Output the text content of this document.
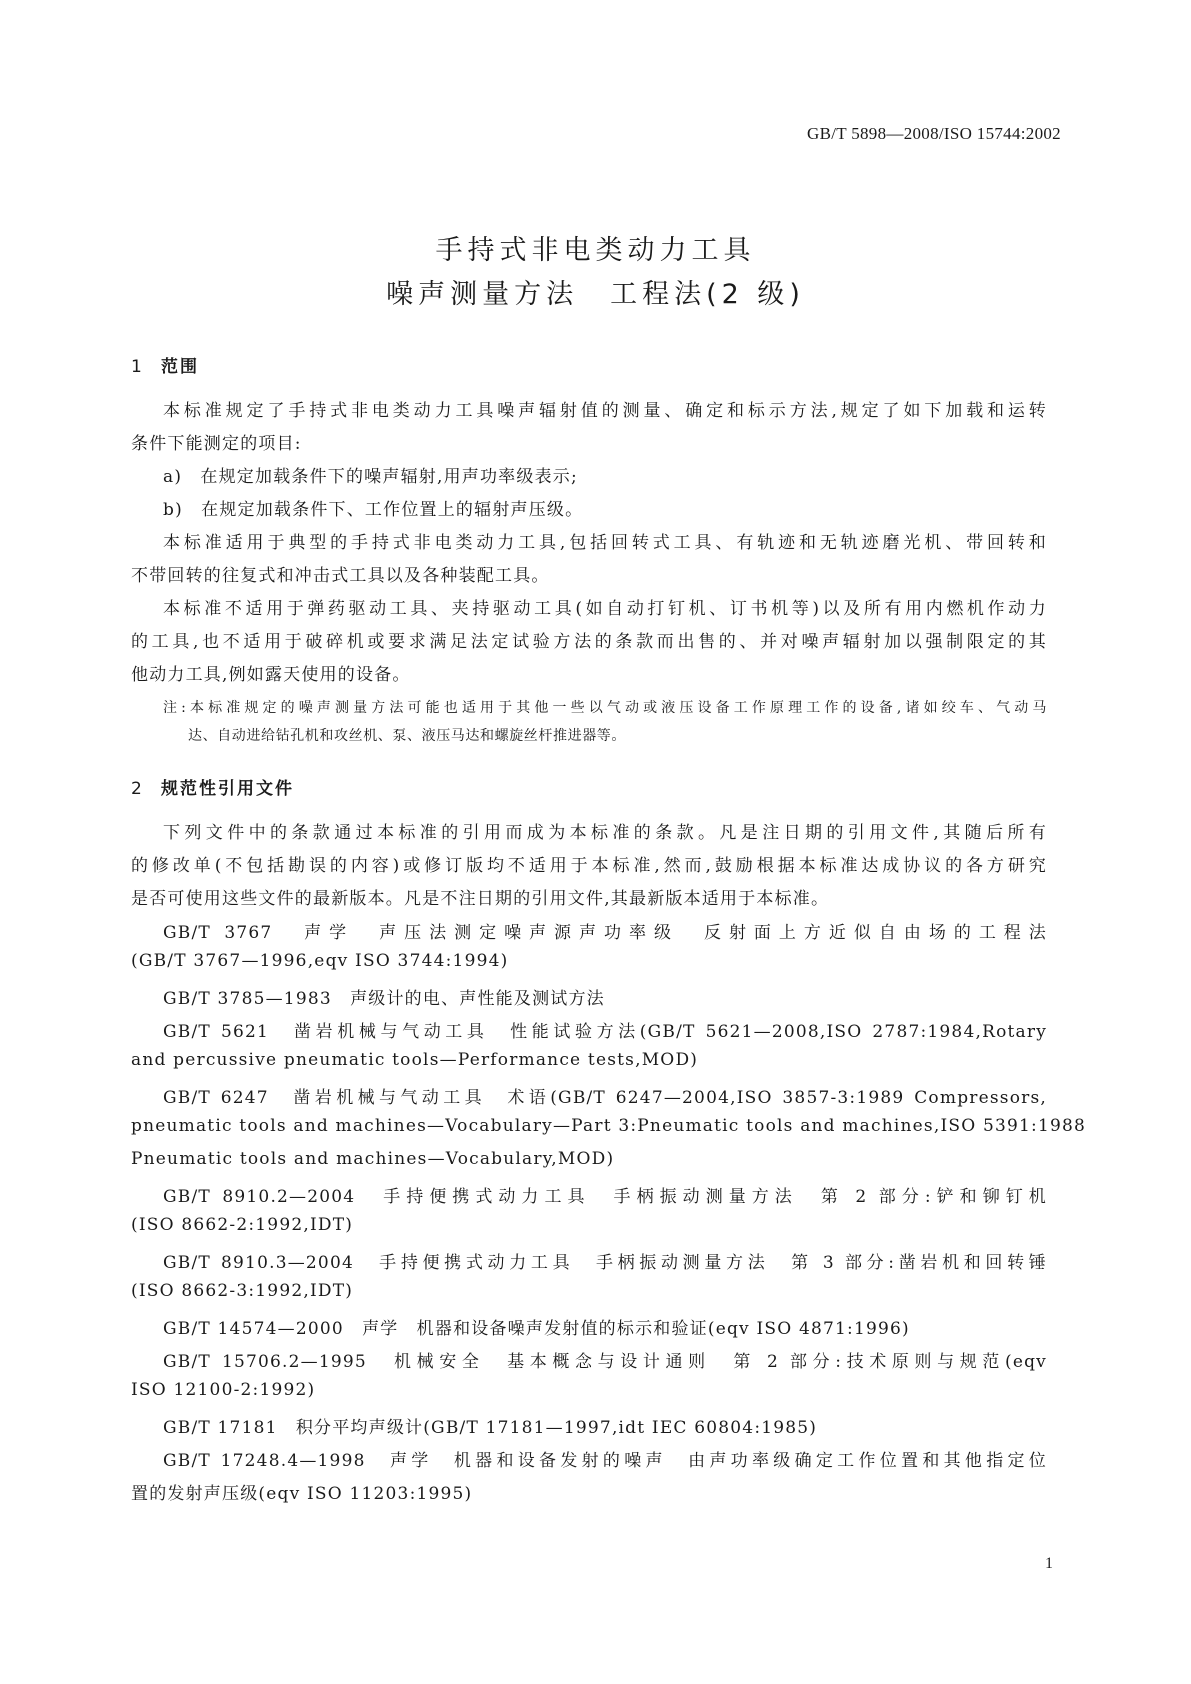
GB/T 5898—2008/ISO 15744:2002
手持式非电类动力工具
噪声测量方法　工程法(2 级)
1 范围
本标准规定了手持式非电类动力工具噪声辐射值的测量、确定和标示方法,规定了如下加载和运转
条件下能测定的项目:
a)　在规定加载条件下的噪声辐射,用声功率级表示;
b)　在规定加载条件下、工作位置上的辐射声压级。
本标准适用于典型的手持式非电类动力工具,包括回转式工具、有轨迹和无轨迹磨光机、带回转和
不带回转的往复式和冲击式工具以及各种装配工具。
本标准不适用于弹药驱动工具、夹持驱动工具(如自动打钉机、订书机等)以及所有用内燃机作动力
的工具,也不适用于破碎机或要求满足法定试验方法的条款而出售的、并对噪声辐射加以强制限定的其
他动力工具,例如露天使用的设备。
注:本标准规定的噪声测量方法可能也适用于其他一些以气动或液压设备工作原理工作的设备,诸如绞车、气动马
达、自动进给钻孔机和攻丝机、泵、液压马达和螺旋丝杆推进器等。
2 规范性引用文件
下列文件中的条款通过本标准的引用而成为本标准的条款。凡是注日期的引用文件,其随后所有
的修改单(不包括勘误的内容)或修订版均不适用于本标准,然而,鼓励根据本标准达成协议的各方研究
是否可使用这些文件的最新版本。凡是不注日期的引用文件,其最新版本适用于本标准。
GB/T 3767　声学　声压法测定噪声源声功率级　反射面上方近似自由场的工程法
(GB/T 3767—1996,eqv ISO 3744:1994)
GB/T 3785—1983　声级计的电、声性能及测试方法
GB/T 5621　凿岩机械与气动工具　性能试验方法(GB/T 5621—2008,ISO 2787:1984,Rotary
and percussive pneumatic tools—Performance tests,MOD)
GB/T 6247　凿岩机械与气动工具　术语(GB/T 6247—2004,ISO 3857-3:1989 Compressors,
pneumatic tools and machines—Vocabulary—Part 3:Pneumatic tools and machines,ISO 5391:1988
Pneumatic tools and machines—Vocabulary,MOD)
GB/T 8910.2—2004　手持便携式动力工具　手柄振动测量方法　第 2 部分:铲和铆钉机
(ISO 8662-2:1992,IDT)
GB/T 8910.3—2004　手持便携式动力工具　手柄振动测量方法　第 3 部分:凿岩机和回转锤
(ISO 8662-3:1992,IDT)
GB/T 14574—2000　声学　机器和设备噪声发射值的标示和验证(eqv ISO 4871:1996)
GB/T 15706.2—1995　机械安全　基本概念与设计通则　第 2 部分:技术原则与规范(eqv
ISO 12100-2:1992)
GB/T 17181　积分平均声级计(GB/T 17181—1997,idt IEC 60804:1985)
GB/T 17248.4—1998　声学　机器和设备发射的噪声　由声功率级确定工作位置和其他指定位
置的发射声压级(eqv ISO 11203:1995)
1
